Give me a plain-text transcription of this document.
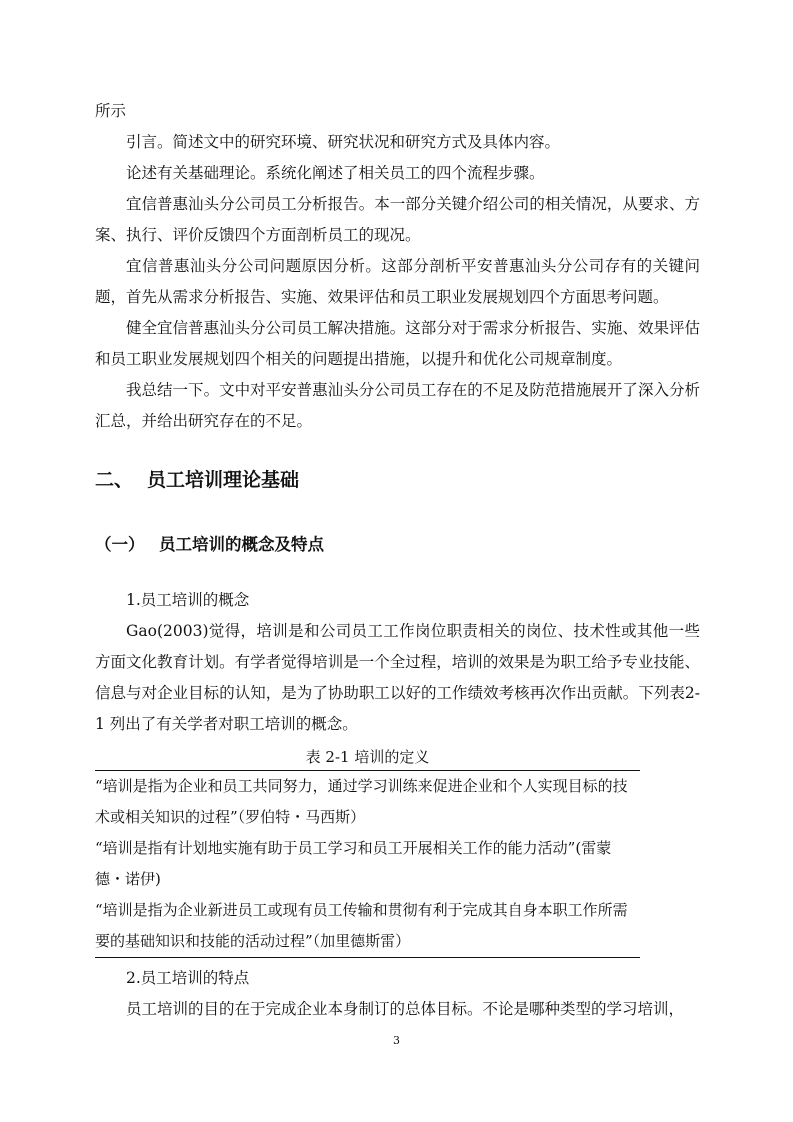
所示

引言。简述文中的研究环境、研究状况和研究方式及具体内容。

论述有关基础理论。系统化阐述了相关员工的四个流程步骤。

宜信普惠汕头分公司员工分析报告。本一部分关键介绍公司的相关情况，从要求、方案、执行、评价反馈四个方面剖析员工的现况。

宜信普惠汕头分公司问题原因分析。这部分剖析平安普惠汕头分公司存有的关键问题，首先从需求分析报告、实施、效果评估和员工职业发展规划四个方面思考问题。

健全宜信普惠汕头分公司员工解决措施。这部分对于需求分析报告、实施、效果评估和员工职业发展规划四个相关的问题提出措施，以提升和优化公司规章制度。

我总结一下。文中对平安普惠汕头分公司员工存在的不足及防范措施展开了深入分析汇总，并给出研究存在的不足。

二、 员工培训理论基础
（一） 员工培训的概念及特点

1.员工培训的概念

Gao(2003)觉得，培训是和公司员工工作岗位职责相关的岗位、技术性或其他一些方面文化教育计划。有学者觉得培训是一个全过程，培训的效果是为职工给予专业技能、信息与对企业目标的认知，是为了协助职工以好的工作绩效考核再次作出贡献。下列表2-1 列出了有关学者对职工培训的概念。

表 2-1 培训的定义

“培训是指为企业和员工共同努力，通过学习训练来促进企业和个人实现目标的技术或相关知识的过程”（罗伯特・马西斯）

“培训是指有计划地实施有助于员工学习和员工开展相关工作的能力活动”(雷蒙德・诺伊)

“培训是指为企业新进员工或现有员工传输和贯彻有利于完成其自身本职工作所需要的基础知识和技能的活动过程”（加里德斯雷）

2.员工培训的特点

员工培训的目的在于完成企业本身制订的总体目标。不论是哪种类型的学习培训，

3
